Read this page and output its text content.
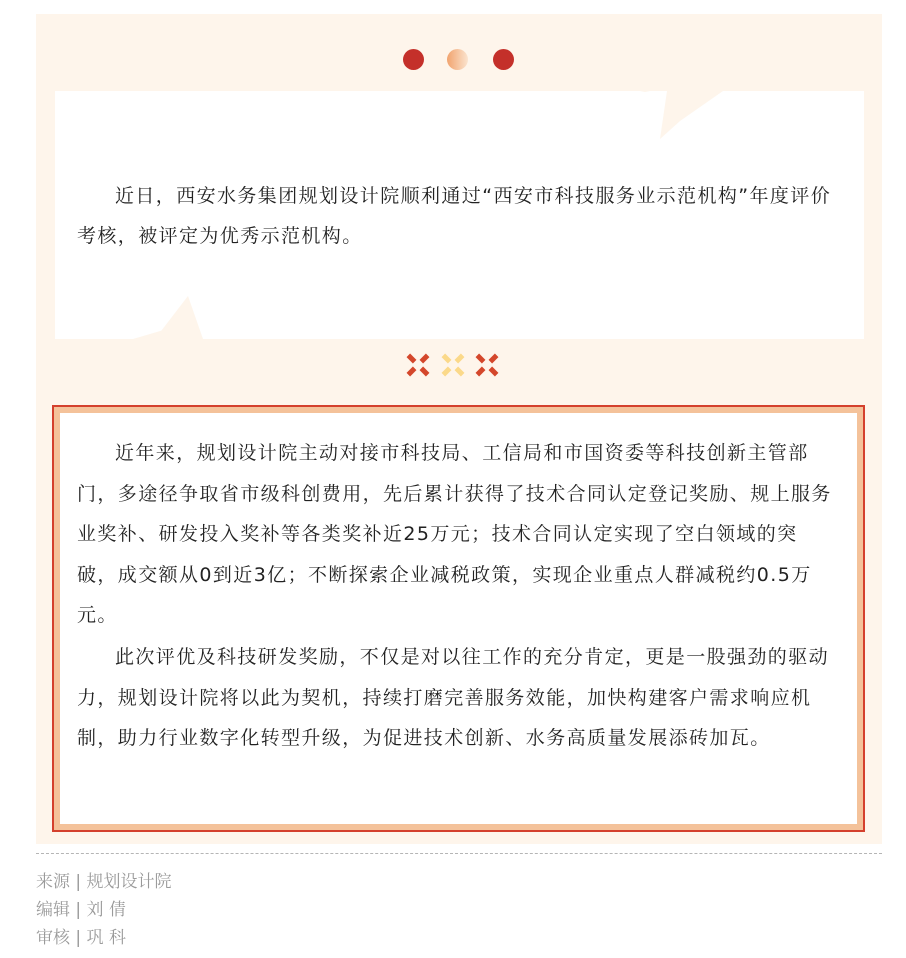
近日，西安水务集团规划设计院顺利通过“西安市科技服务业示范机构”年度评价考核，被评定为优秀示范机构。

近年来，规划设计院主动对接市科技局、工信局和市国资委等科技创新主管部门，多途径争取省市级科创费用，先后累计获得了技术合同认定登记奖励、规上服务业奖补、研发投入奖补等各类奖补近25万元；技术合同认定实现了空白领域的突破，成交额从0到近3亿；不断探索企业减税政策，实现企业重点人群减税约0.5万元。

此次评优及科技研发奖励，不仅是对以往工作的充分肯定，更是一股强劲的驱动力，规划设计院将以此为契机，持续打磨完善服务效能，加快构建客户需求响应机制，助力行业数字化转型升级，为促进技术创新、水务高质量发展添砖加瓦。

来源 | 规划设计院
编辑 | 刘 倩
审核 | 巩 科
